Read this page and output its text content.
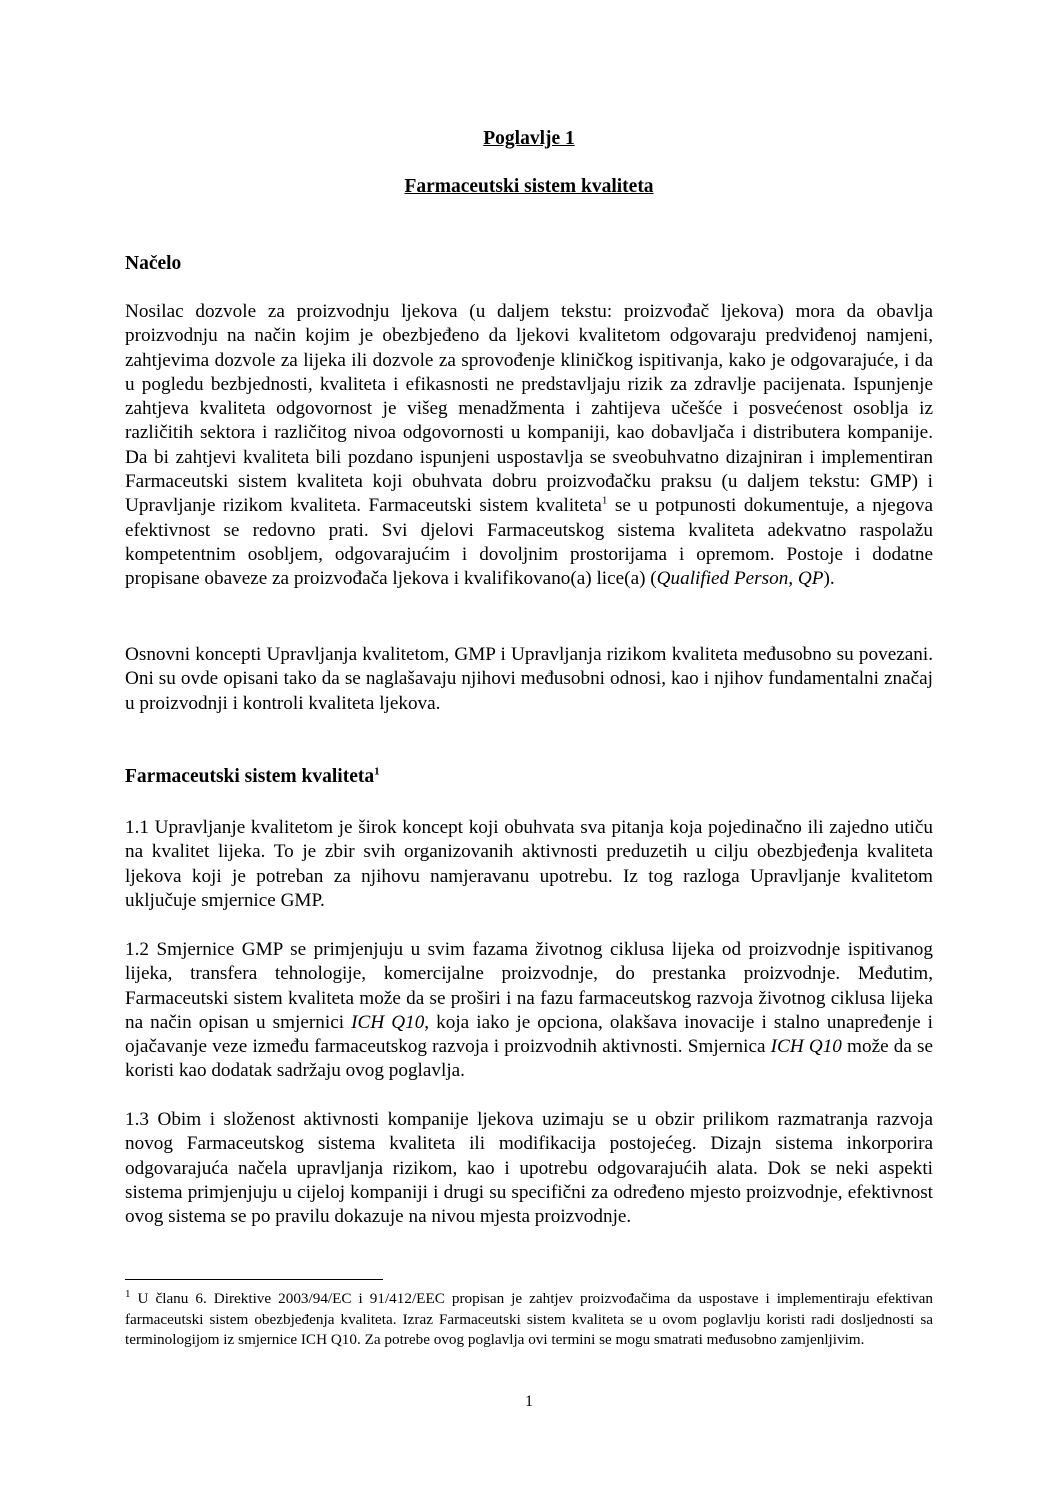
Poglavlje 1

Farmaceutski sistem kvaliteta

Načelo

Nosilac dozvole za proizvodnju ljekova (u daljem tekstu: proizvođač ljekova) mora da obavlja proizvodnju na način kojim je obezbjeđeno da ljekovi kvalitetom odgovaraju predviđenoj namjeni, zahtjevima dozvole za lijeka ili dozvole za sprovođenje kliničkog ispitivanja, kako je odgovarajuće, i da u pogledu bezbjednosti, kvaliteta i efikasnosti ne predstavljaju rizik za zdravlje pacijenata. Ispunjenje zahtjeva kvaliteta odgovornost je višeg menadžmenta i zahtijeva učešće i posvećenost osoblja iz različitih sektora i različitog nivoa odgovornosti u kompaniji, kao dobavljača i distributera kompanije. Da bi zahtjevi kvaliteta bili pozdano ispunjeni uspostavlja se sveobuhvatno dizajniran i implementiran Farmaceutski sistem kvaliteta koji obuhvata dobru proizvođačku praksu (u daljem tekstu: GMP) i Upravljanje rizikom kvaliteta. Farmaceutski sistem kvaliteta$^1$ se u potpunosti dokumentuje, a njegova efektivnost se redovno prati. Svi djelovi Farmaceutskog sistema kvaliteta adekvatno raspolažu kompetentnim osobljem, odgovarajućim i dovoljnim prostorijama i opremom. Postoje i dodatne propisane obaveze za proizvođača ljekova i kvalifikovano(a) lice(a) (Qualified Person, QP).

Osnovni koncepti Upravljanja kvalitetom, GMP i Upravljanja rizikom kvaliteta međusobno su povezani. Oni su ovde opisani tako da se naglašavaju njihovi međusobni odnosi, kao i njihov fundamentalni značaj u proizvodnji i kontroli kvaliteta ljekova.

Farmaceutski sistem kvaliteta$^1$

1.1 Upravljanje kvalitetom je širok koncept koji obuhvata sva pitanja koja pojedinačno ili zajedno utiču na kvalitet lijeka. To je zbir svih organizovanih aktivnosti preduzetih u cilju obezbjeđenja kvaliteta ljekova koji je potreban za njihovu namjeravanu upotrebu. Iz tog razloga Upravljanje kvalitetom uključuje smjernice GMP.

1.2 Smjernice GMP se primjenjuju u svim fazama životnog ciklusa lijeka od proizvodnje ispitivanog lijeka, transfera tehnologije, komercijalne proizvodnje, do prestanka proizvodnje. Međutim, Farmaceutski sistem kvaliteta može da se proširi i na fazu farmaceutskog razvoja životnog ciklusa lijeka na način opisan u smjernici ICH Q10, koja iako je opciona, olakšava inovacije i stalno unapređenje i ojačavanje veze između farmaceutskog razvoja i proizvodnih aktivnosti. Smjernica ICH Q10 može da se koristi kao dodatak sadržaju ovog poglavlja.

1.3 Obim i složenost aktivnosti kompanije ljekova uzimaju se u obzir prilikom razmatranja razvoja novog Farmaceutskog sistema kvaliteta ili modifikacija postojećeg. Dizajn sistema inkorporira odgovarajuća načela upravljanja rizikom, kao i upotrebu odgovarajućih alata. Dok se neki aspekti sistema primjenjuju u cijeloj kompaniji i drugi su specifični za određeno mjesto proizvodnje, efektivnost ovog sistema se po pravilu dokazuje na nivou mjesta proizvodnje.

$^1$ U članu 6. Direktive 2003/94/EC i 91/412/EEC propisan je zahtjev proizvođačima da uspostave i implementiraju efektivan farmaceutski sistem obezbjeđenja kvaliteta. Izraz Farmaceutski sistem kvaliteta se u ovom poglavlju koristi radi dosljednosti sa terminologijom iz smjernice ICH Q10. Za potrebe ovog poglavlja ovi termini se mogu smatrati međusobno zamjenljivim.

1
